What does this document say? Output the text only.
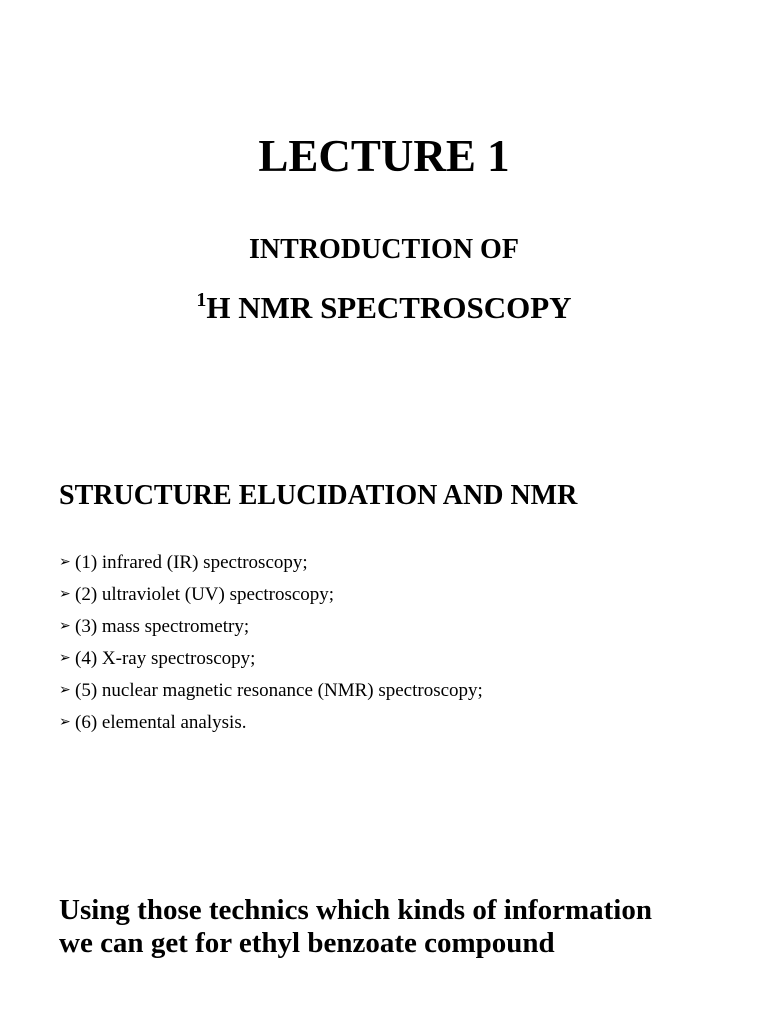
LECTURE 1
INTRODUCTION OF
$^1$H NMR SPECTROSCOPY
STRUCTURE ELUCIDATION AND NMR
➢ (1) infrared (IR) spectroscopy;
➢ (2) ultraviolet (UV) spectroscopy;
➢ (3) mass spectrometry;
➢ (4) X-ray spectroscopy;
➢ (5) nuclear magnetic resonance (NMR) spectroscopy;
➢ (6) elemental analysis.

Using those technics which kinds of information
we can get for ethyl benzoate compound
